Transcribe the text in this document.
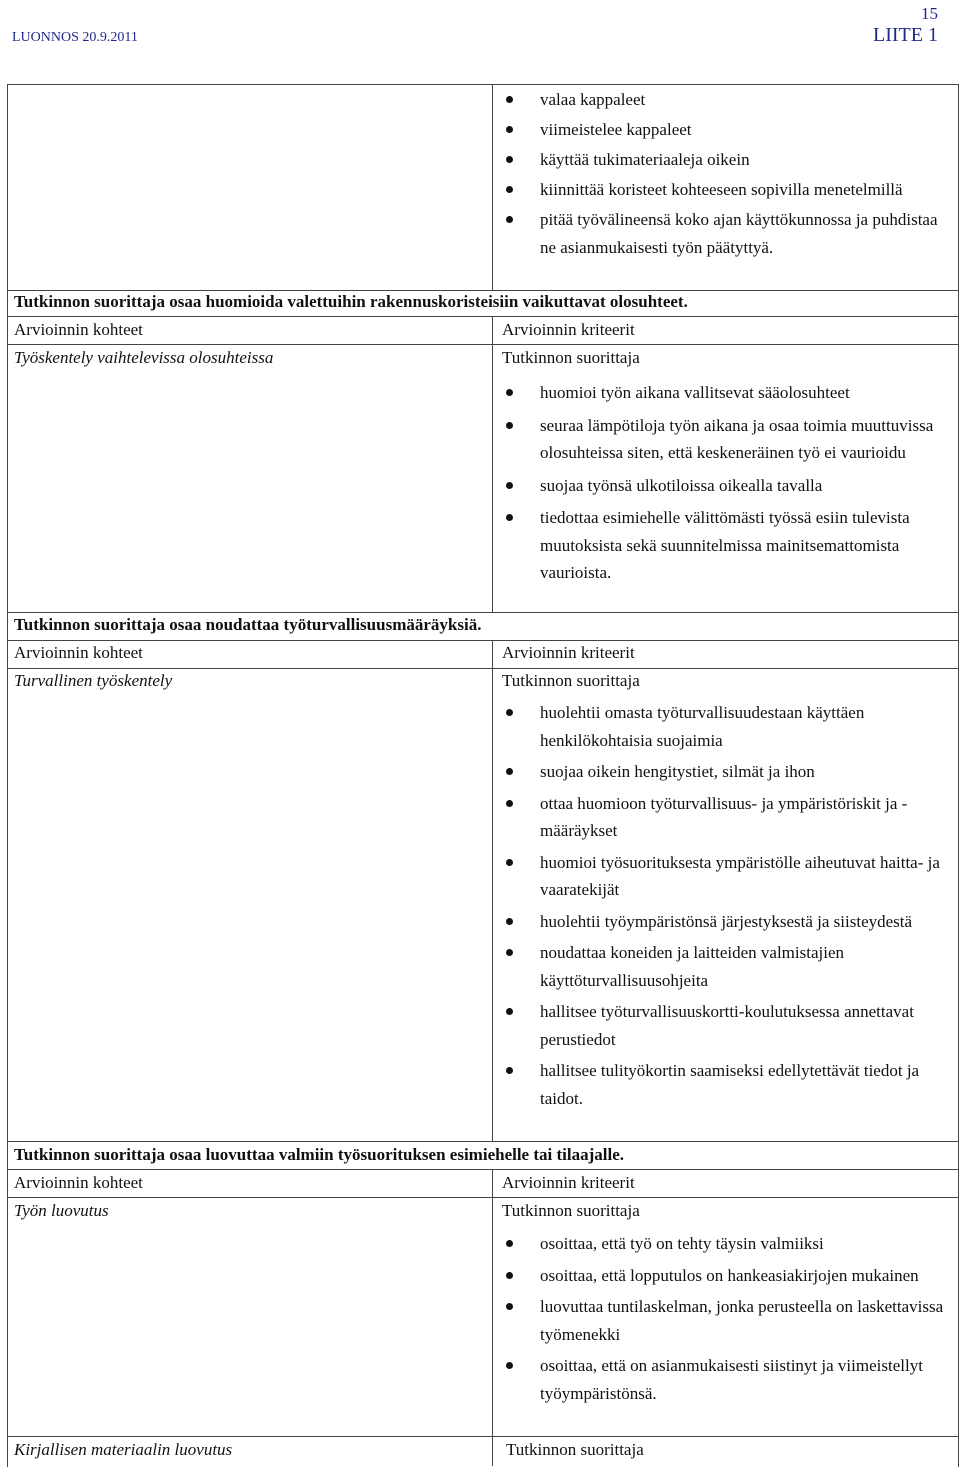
LUONNOS 20.9.2011
15
LIITE 1
valaa kappaleet
viimeistelee kappaleet
käyttää tukimateriaaleja oikein
kiinnittää koristeet kohteeseen sopivilla menetelmillä
pitää työvälineensä koko ajan käyttökunnossa ja puhdistaa ne asianmukaisesti työn päätyttyä.
Tutkinnon suorittaja osaa huomioida valettuihin rakennuskoristeisiin vaikuttavat olosuhteet.
Arvioinnin kohteet	Arvioinnin kriteerit
Työskentely vaihtelevissa olosuhteissa	Tutkinnon suorittaja
huomioi työn aikana vallitsevat sääolosuhteet
seuraa lämpötiloja työn aikana ja osaa toimia muuttuvissa olosuhteissa siten, että keskeneräinen työ ei vaurioidu
suojaa työnsä ulkotiloissa oikealla tavalla
tiedottaa esimiehelle välittömästi työssä esiin tulevista muutoksista sekä suunnitelmissa mainitsemattomista vaurioista.
Tutkinnon suorittaja osaa noudattaa työturvallisuusmääräyksiä.
Arvioinnin kohteet	Arvioinnin kriteerit
Turvallinen työskentely	Tutkinnon suorittaja
huolehtii omasta työturvallisuudestaan käyttäen henkilökohtaisia suojaimia
suojaa oikein hengitystiet, silmät ja ihon
ottaa huomioon työturvallisuus- ja ympäristöriskit ja -määräykset
huomioi työsuorituksesta ympäristölle aiheutuvat haitta- ja vaaratekijät
huolehtii työympäristönsä järjestyksestä ja siisteydestä
noudattaa koneiden ja laitteiden valmistajien käyttöturvallisuusohjeita
hallitsee työturvallisuuskortti-koulutuksessa annettavat perustiedot
hallitsee tulityökortin saamiseksi edellytettävät tiedot ja taidot.
Tutkinnon suorittaja osaa luovuttaa valmiin työsuorituksen esimiehelle tai tilaajalle.
Arvioinnin kohteet	Arvioinnin kriteerit
Työn luovutus	Tutkinnon suorittaja
osoittaa, että työ on tehty täysin valmiiksi
osoittaa, että lopputulos on hankeasiakirjojen mukainen
luovuttaa tuntilaskelman, jonka perusteella on laskettavissa työmenekki
osoittaa, että on asianmukaisesti siistinyt ja viimeistellyt työympäristönsä.
Kirjallisen materiaalin luovutus	Tutkinnon suorittaja
